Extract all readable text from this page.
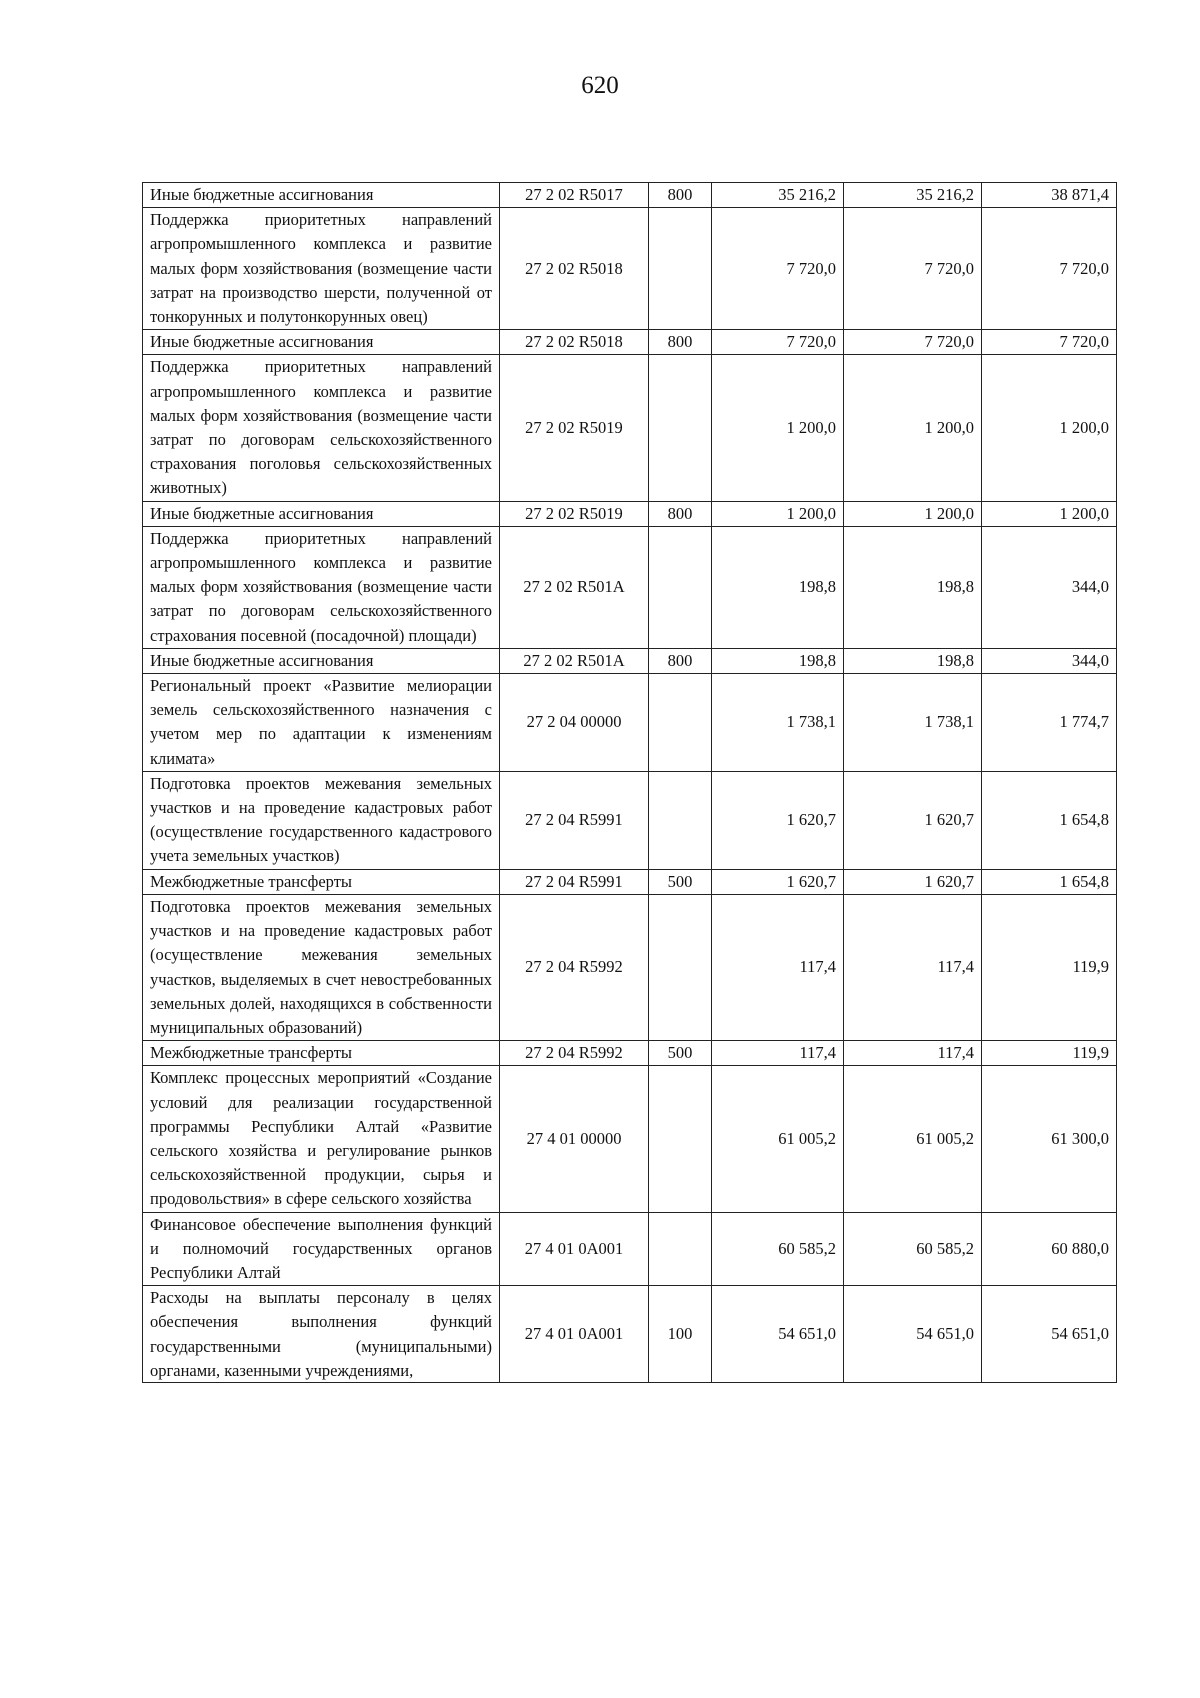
620
Иные бюджетные ассигнования	27 2 02 R5017	800	35 216,2	35 216,2	38 871,4
Поддержка приоритетных направлений агропромышленного комплекса и развитие малых форм хозяйствования (возмещение части затрат на производство шерсти, полученной от тонкорунных и полутонкорунных овец)	27 2 02 R5018		7 720,0	7 720,0	7 720,0
Иные бюджетные ассигнования	27 2 02 R5018	800	7 720,0	7 720,0	7 720,0
Поддержка приоритетных направлений агропромышленного комплекса и развитие малых форм хозяйствования (возмещение части затрат по договорам сельскохозяйственного страхования поголовья сельскохозяйственных животных)	27 2 02 R5019		1 200,0	1 200,0	1 200,0
Иные бюджетные ассигнования	27 2 02 R5019	800	1 200,0	1 200,0	1 200,0
Поддержка приоритетных направлений агропромышленного комплекса и развитие малых форм хозяйствования (возмещение части затрат по договорам сельскохозяйственного страхования посевной (посадочной) площади)	27 2 02 R501A		198,8	198,8	344,0
Иные бюджетные ассигнования	27 2 02 R501A	800	198,8	198,8	344,0
Региональный проект «Развитие мелиорации земель сельскохозяйственного назначения с учетом мер по адаптации к изменениям климата»	27 2 04 00000		1 738,1	1 738,1	1 774,7
Подготовка проектов межевания земельных участков и на проведение кадастровых работ (осуществление государственного кадастрового учета земельных участков)	27 2 04 R5991		1 620,7	1 620,7	1 654,8
Межбюджетные трансферты	27 2 04 R5991	500	1 620,7	1 620,7	1 654,8
Подготовка проектов межевания земельных участков и на проведение кадастровых работ (осуществление межевания земельных участков, выделяемых в счет невостребованных земельных долей, находящихся в собственности муниципальных образований)	27 2 04 R5992		117,4	117,4	119,9
Межбюджетные трансферты	27 2 04 R5992	500	117,4	117,4	119,9
Комплекс процессных мероприятий «Создание условий для реализации государственной программы Республики Алтай «Развитие сельского хозяйства и регулирование рынков сельскохозяйственной продукции, сырья и продовольствия» в сфере сельского хозяйства	27 4 01 00000		61 005,2	61 005,2	61 300,0
Финансовое обеспечение выполнения функций и полномочий государственных органов Республики Алтай	27 4 01 0А001		60 585,2	60 585,2	60 880,0

Расходы на выплаты персоналу в целях обеспечения выполнения функций государственными (муниципальными) органами, казенными учреждениями,	27 4 01 0А001	100	54 651,0	54 651,0	54 651,0
